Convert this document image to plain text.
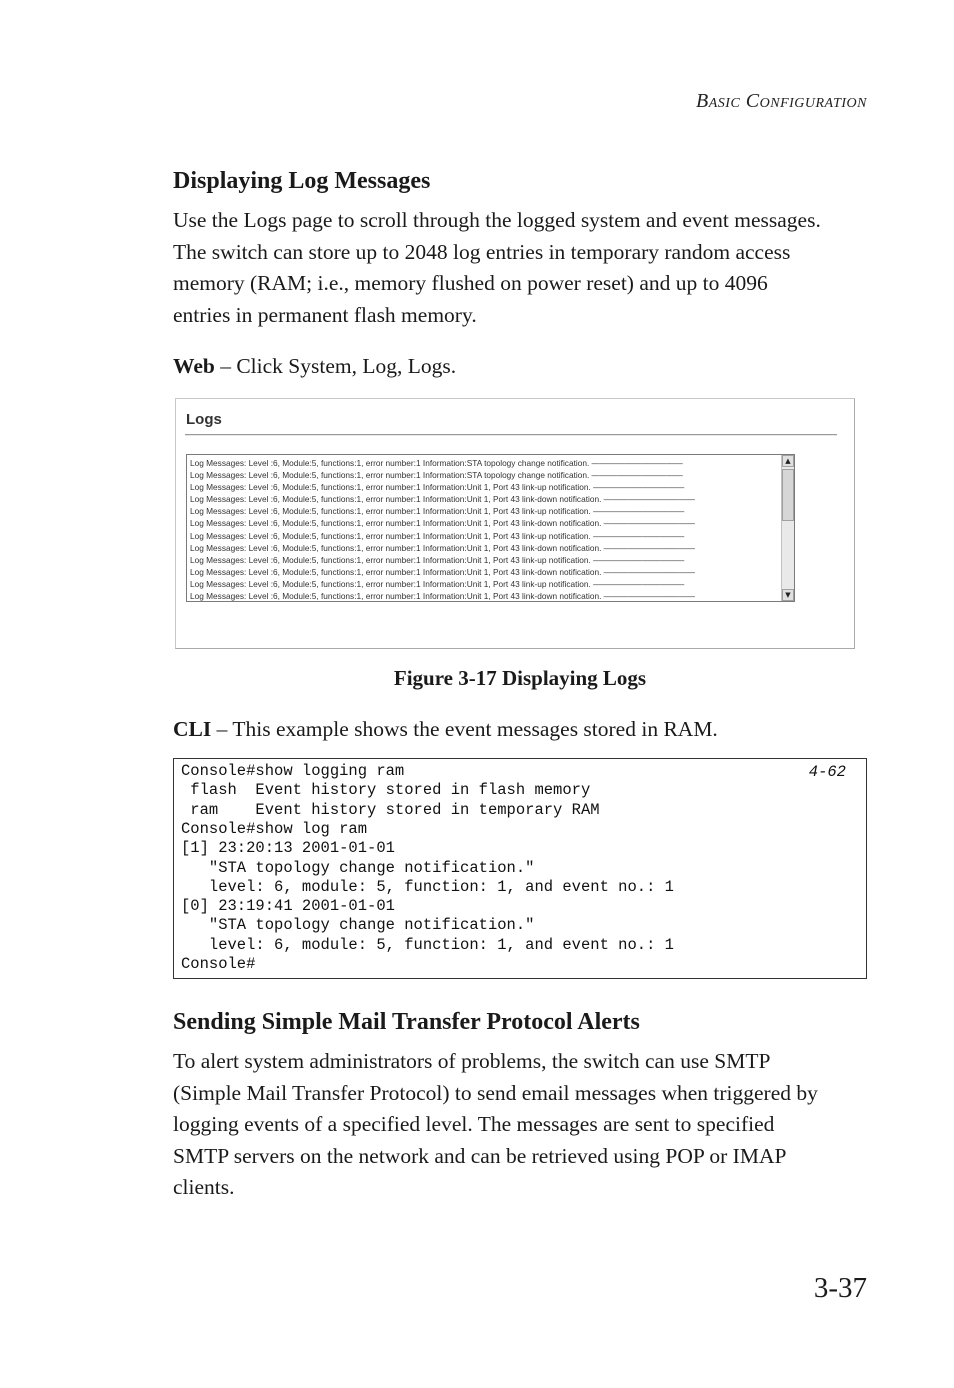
Basic Configuration
Displaying Log Messages
Use the Logs page to scroll through the logged system and event messages.
The switch can store up to 2048 log entries in temporary random access
memory (RAM; i.e., memory flushed on power reset) and up to 4096
entries in permanent flash memory.
Web – Click System, Log, Logs.
Logs
Log Messages: Level :6, Module:5, functions:1, error number:1 Information:STA topology change notification. ———————————
Log Messages: Level :6, Module:5, functions:1, error number:1 Information:STA topology change notification. ———————————
Log Messages: Level :6, Module:5, functions:1, error number:1 Information:Unit 1, Port 43 link-up notification. ———————————
Log Messages: Level :6, Module:5, functions:1, error number:1 Information:Unit 1, Port 43 link-down notification. ———————————
Log Messages: Level :6, Module:5, functions:1, error number:1 Information:Unit 1, Port 43 link-up notification. ———————————
Log Messages: Level :6, Module:5, functions:1, error number:1 Information:Unit 1, Port 43 link-down notification. ———————————
Log Messages: Level :6, Module:5, functions:1, error number:1 Information:Unit 1, Port 43 link-up notification. ———————————
Log Messages: Level :6, Module:5, functions:1, error number:1 Information:Unit 1, Port 43 link-down notification. ———————————
Log Messages: Level :6, Module:5, functions:1, error number:1 Information:Unit 1, Port 43 link-up notification. ———————————
Log Messages: Level :6, Module:5, functions:1, error number:1 Information:Unit 1, Port 43 link-down notification. ———————————
Log Messages: Level :6, Module:5, functions:1, error number:1 Information:Unit 1, Port 43 link-up notification. ———————————
Log Messages: Level :6, Module:5, functions:1, error number:1 Information:Unit 1, Port 43 link-down notification. ———————————
▲
▼
Figure 3-17 Displaying Logs
CLI – This example shows the event messages stored in RAM.
4-62
Console#show logging ram
flash  Event history stored in flash memory
ram    Event history stored in temporary RAM
Console#show log ram
[1] 23:20:13 2001-01-01
"STA topology change notification."
level: 6, module: 5, function: 1, and event no.: 1
[0] 23:19:41 2001-01-01
"STA topology change notification."
level: 6, module: 5, function: 1, and event no.: 1
Console#
Sending Simple Mail Transfer Protocol Alerts
To alert system administrators of problems, the switch can use SMTP
(Simple Mail Transfer Protocol) to send email messages when triggered by
logging events of a specified level. The messages are sent to specified
SMTP servers on the network and can be retrieved using POP or IMAP
clients.
3-37
